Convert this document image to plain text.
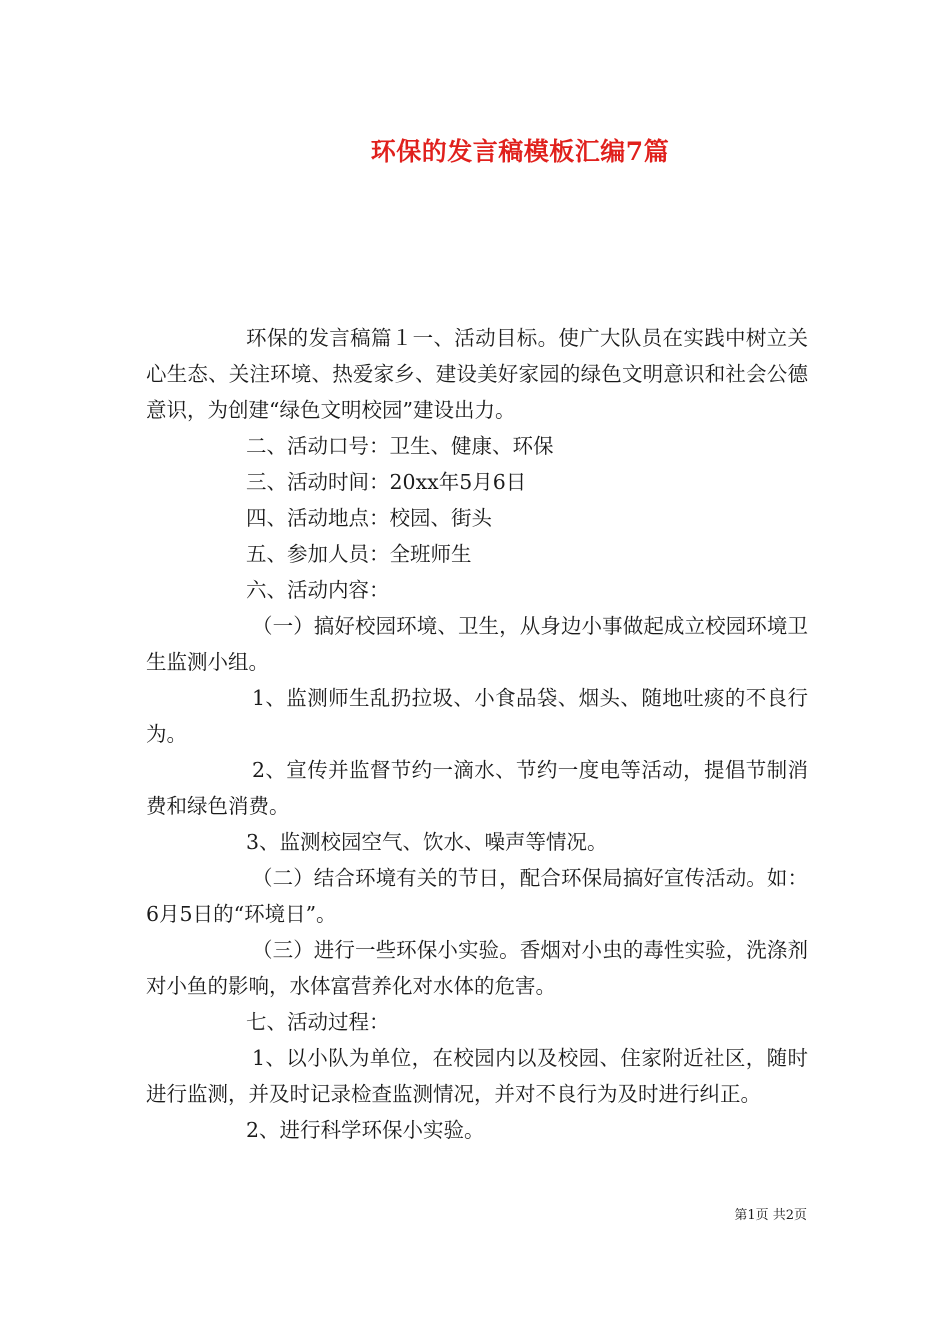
环保的发言稿模板汇编7篇

环保的发言稿篇１一、活动目标。使广大队员在实践中树立关心生态、关注环境、热爱家乡、建设美好家园的绿色文明意识和社会公德意识，为创建“绿色文明校园”建设出力。

二、活动口号：卫生、健康、环保

三、活动时间：20xx年5月6日

四、活动地点：校园、街头

五、参加人员：全班师生

六、活动内容：

（一）搞好校园环境、卫生，从身边小事做起成立校园环境卫生监测小组。

1、监测师生乱扔拉圾、小食品袋、烟头、随地吐痰的不良行为。

2、宣传并监督节约一滴水、节约一度电等活动，提倡节制消费和绿色消费。

3、监测校园空气、饮水、噪声等情况。

（二）结合环境有关的节日，配合环保局搞好宣传活动。如：6月5日的“环境日”。

（三）进行一些环保小实验。香烟对小虫的毒性实验，洗涤剂对小鱼的影响，水体富营养化对水体的危害。

七、活动过程：

1、以小队为单位，在校园内以及校园、住家附近社区，随时进行监测，并及时记录检查监测情况，并对不良行为及时进行纠正。

2、进行科学环保小实验。

第1页 共2页
